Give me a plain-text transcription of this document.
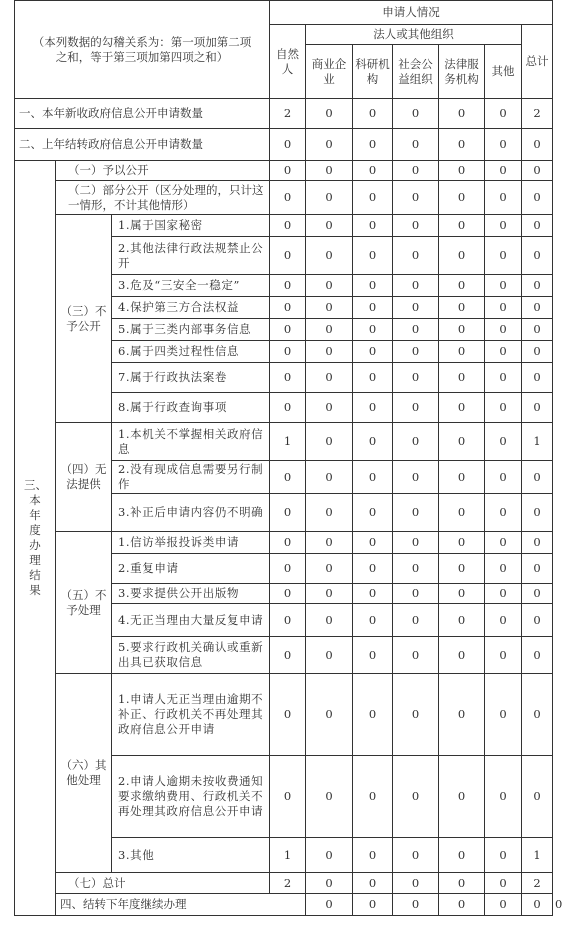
（本列数据的勾稽关系为：第一项加第二项之和，等于第三项加第四项之和）			申请人情况							
			自然人	法人或其他组织					总计	
				商业企业	科研机构	社会公益组织	法律服务机构	其他		
一、本年新收政府信息公开申请数量			2	0	0	0	0	0	2	
二、上年结转政府信息公开申请数量			0	0	0	0	0	0	0	
三、本年度办理结果	（一）予以公开		0	0	0	0	0	0	0	
	（二）部分公开（区分处理的，只计这一情形，不计其他情形）		0	0	0	0	0	0	0	
	（三）不予公开	1.属于国家秘密	0	0	0	0	0	0	0	
		2.其他法律行政法规禁止公开	0	0	0	0	0	0	0	
		3.危及“三安全一稳定”	0	0	0	0	0	0	0	
		4.保护第三方合法权益	0	0	0	0	0	0	0	
		5.属于三类内部事务信息	0	0	0	0	0	0	0	
		6.属于四类过程性信息	0	0	0	0	0	0	0	
		7.属于行政执法案卷	0	0	0	0	0	0	0	
		8.属于行政查询事项	0	0	0	0	0	0	0	
	（四）无法提供	1.本机关不掌握相关政府信息	1	0	0	0	0	0	1	
		2.没有现成信息需要另行制作	0	0	0	0	0	0	0	
		3.补正后申请内容仍不明确	0	0	0	0	0	0	0	
	（五）不予处理	1.信访举报投诉类申请	0	0	0	0	0	0	0	
		2.重复申请	0	0	0	0	0	0	0	
		3.要求提供公开出版物	0	0	0	0	0	0	0	
		4.无正当理由大量反复申请	0	0	0	0	0	0	0	
		5.要求行政机关确认或重新出具已获取信息	0	0	0	0	0	0	0	
	（六）其他处理	1.申请人无正当理由逾期不补正、行政机关不再处理其政府信息公开申请	0	0	0	0	0	0	0	
		2.申请人逾期未按收费通知要求缴纳费用、行政机关不再处理其政府信息公开申请	0	0	0	0	0	0	0	
		3.其他	1	0	0	0	0	0	1	
	（七）总计		2	0	0	0	0	0	2	
	四、结转下年度继续办理			0	0	0	0	0	0	0
